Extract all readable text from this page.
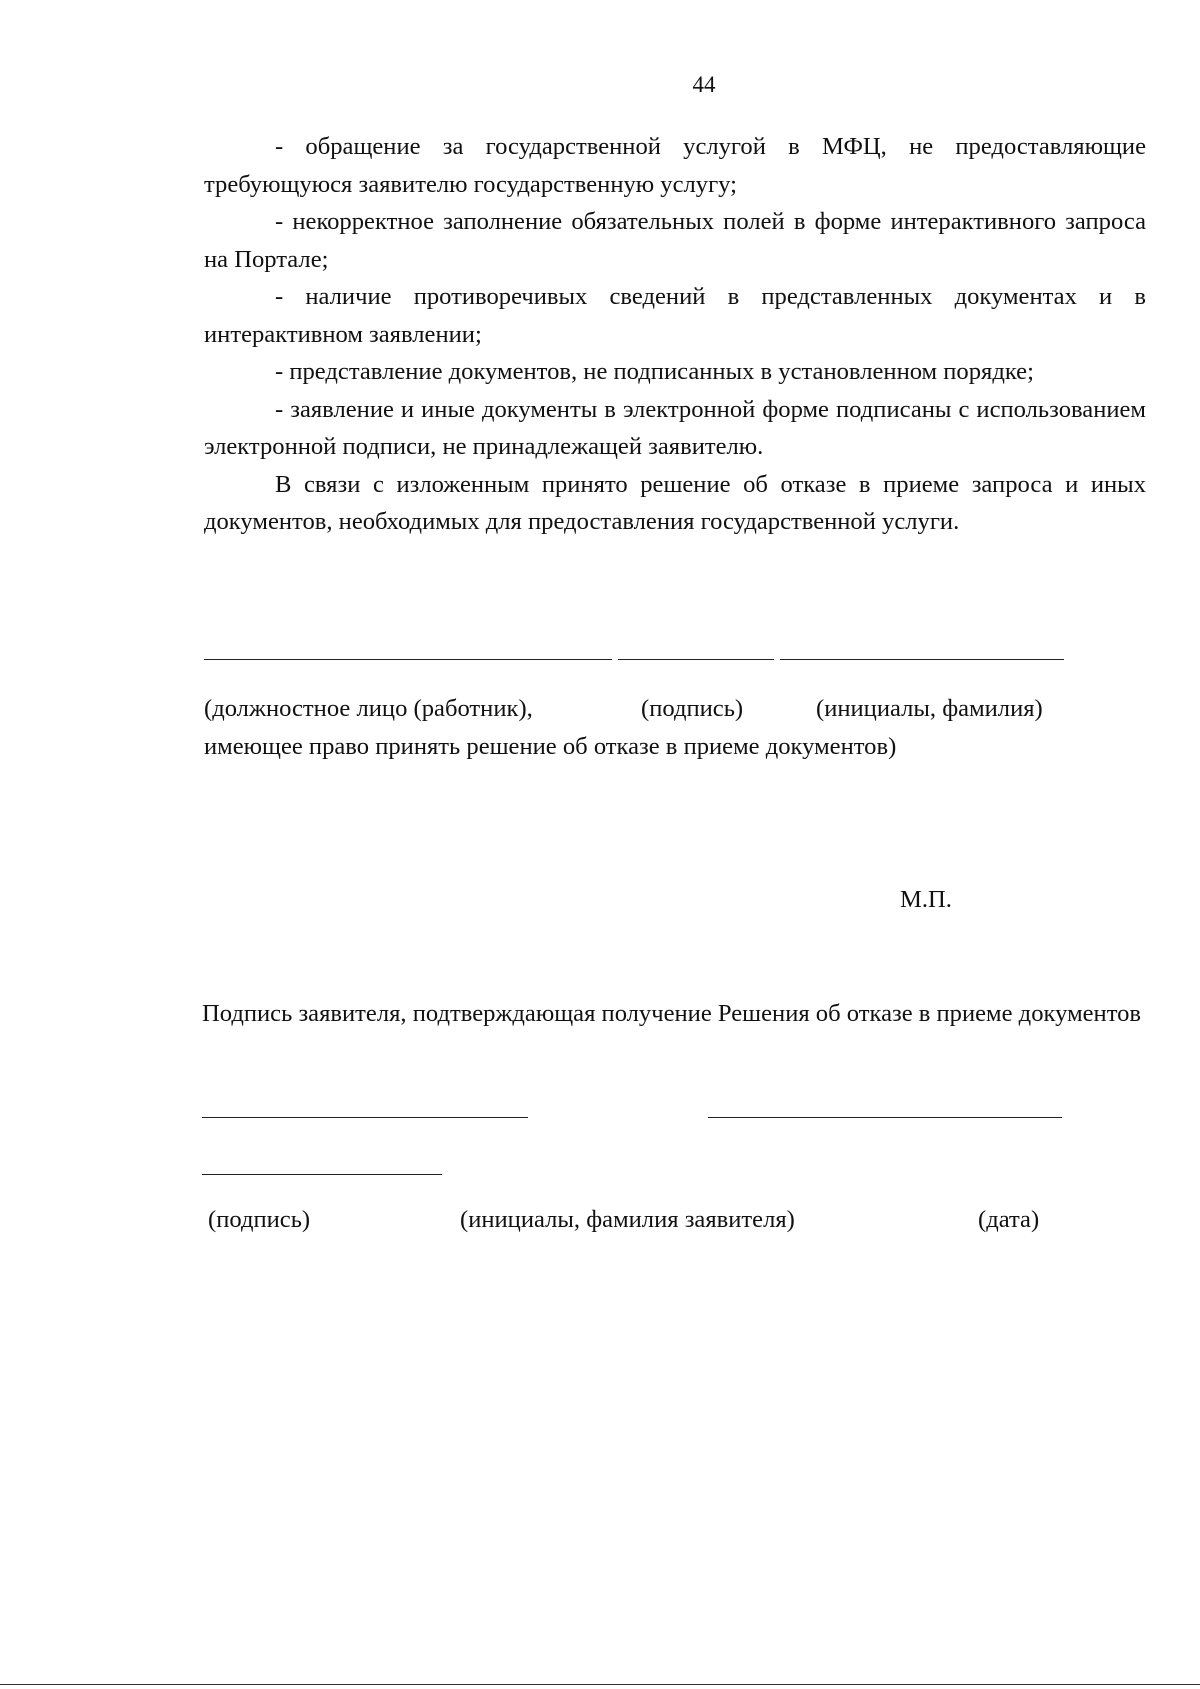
44

- обращение за государственной услугой в МФЦ, не предоставляющие требующуюся заявителю государственную услугу;

- некорректное заполнение обязательных полей в форме интерактивного запроса на Портале;

- наличие противоречивых сведений в представленных документах и в интерактивном заявлении;

- представление документов, не подписанных в установленном порядке;

- заявление и иные документы в электронной форме подписаны с использованием электронной подписи, не принадлежащей заявителю.

В связи с изложенным принято решение об отказе в приеме запроса и иных документов, необходимых для предоставления государственной услуги.

(должностное лицо (работник),	(подпись)	(инициалы, фамилия)
имеющее право принять решение об отказе в приеме документов)
М.П.

Подпись заявителя, подтверждающая получение Решения об отказе в приеме документов

(подпись)	(инициалы, фамилия заявителя)	(дата)
